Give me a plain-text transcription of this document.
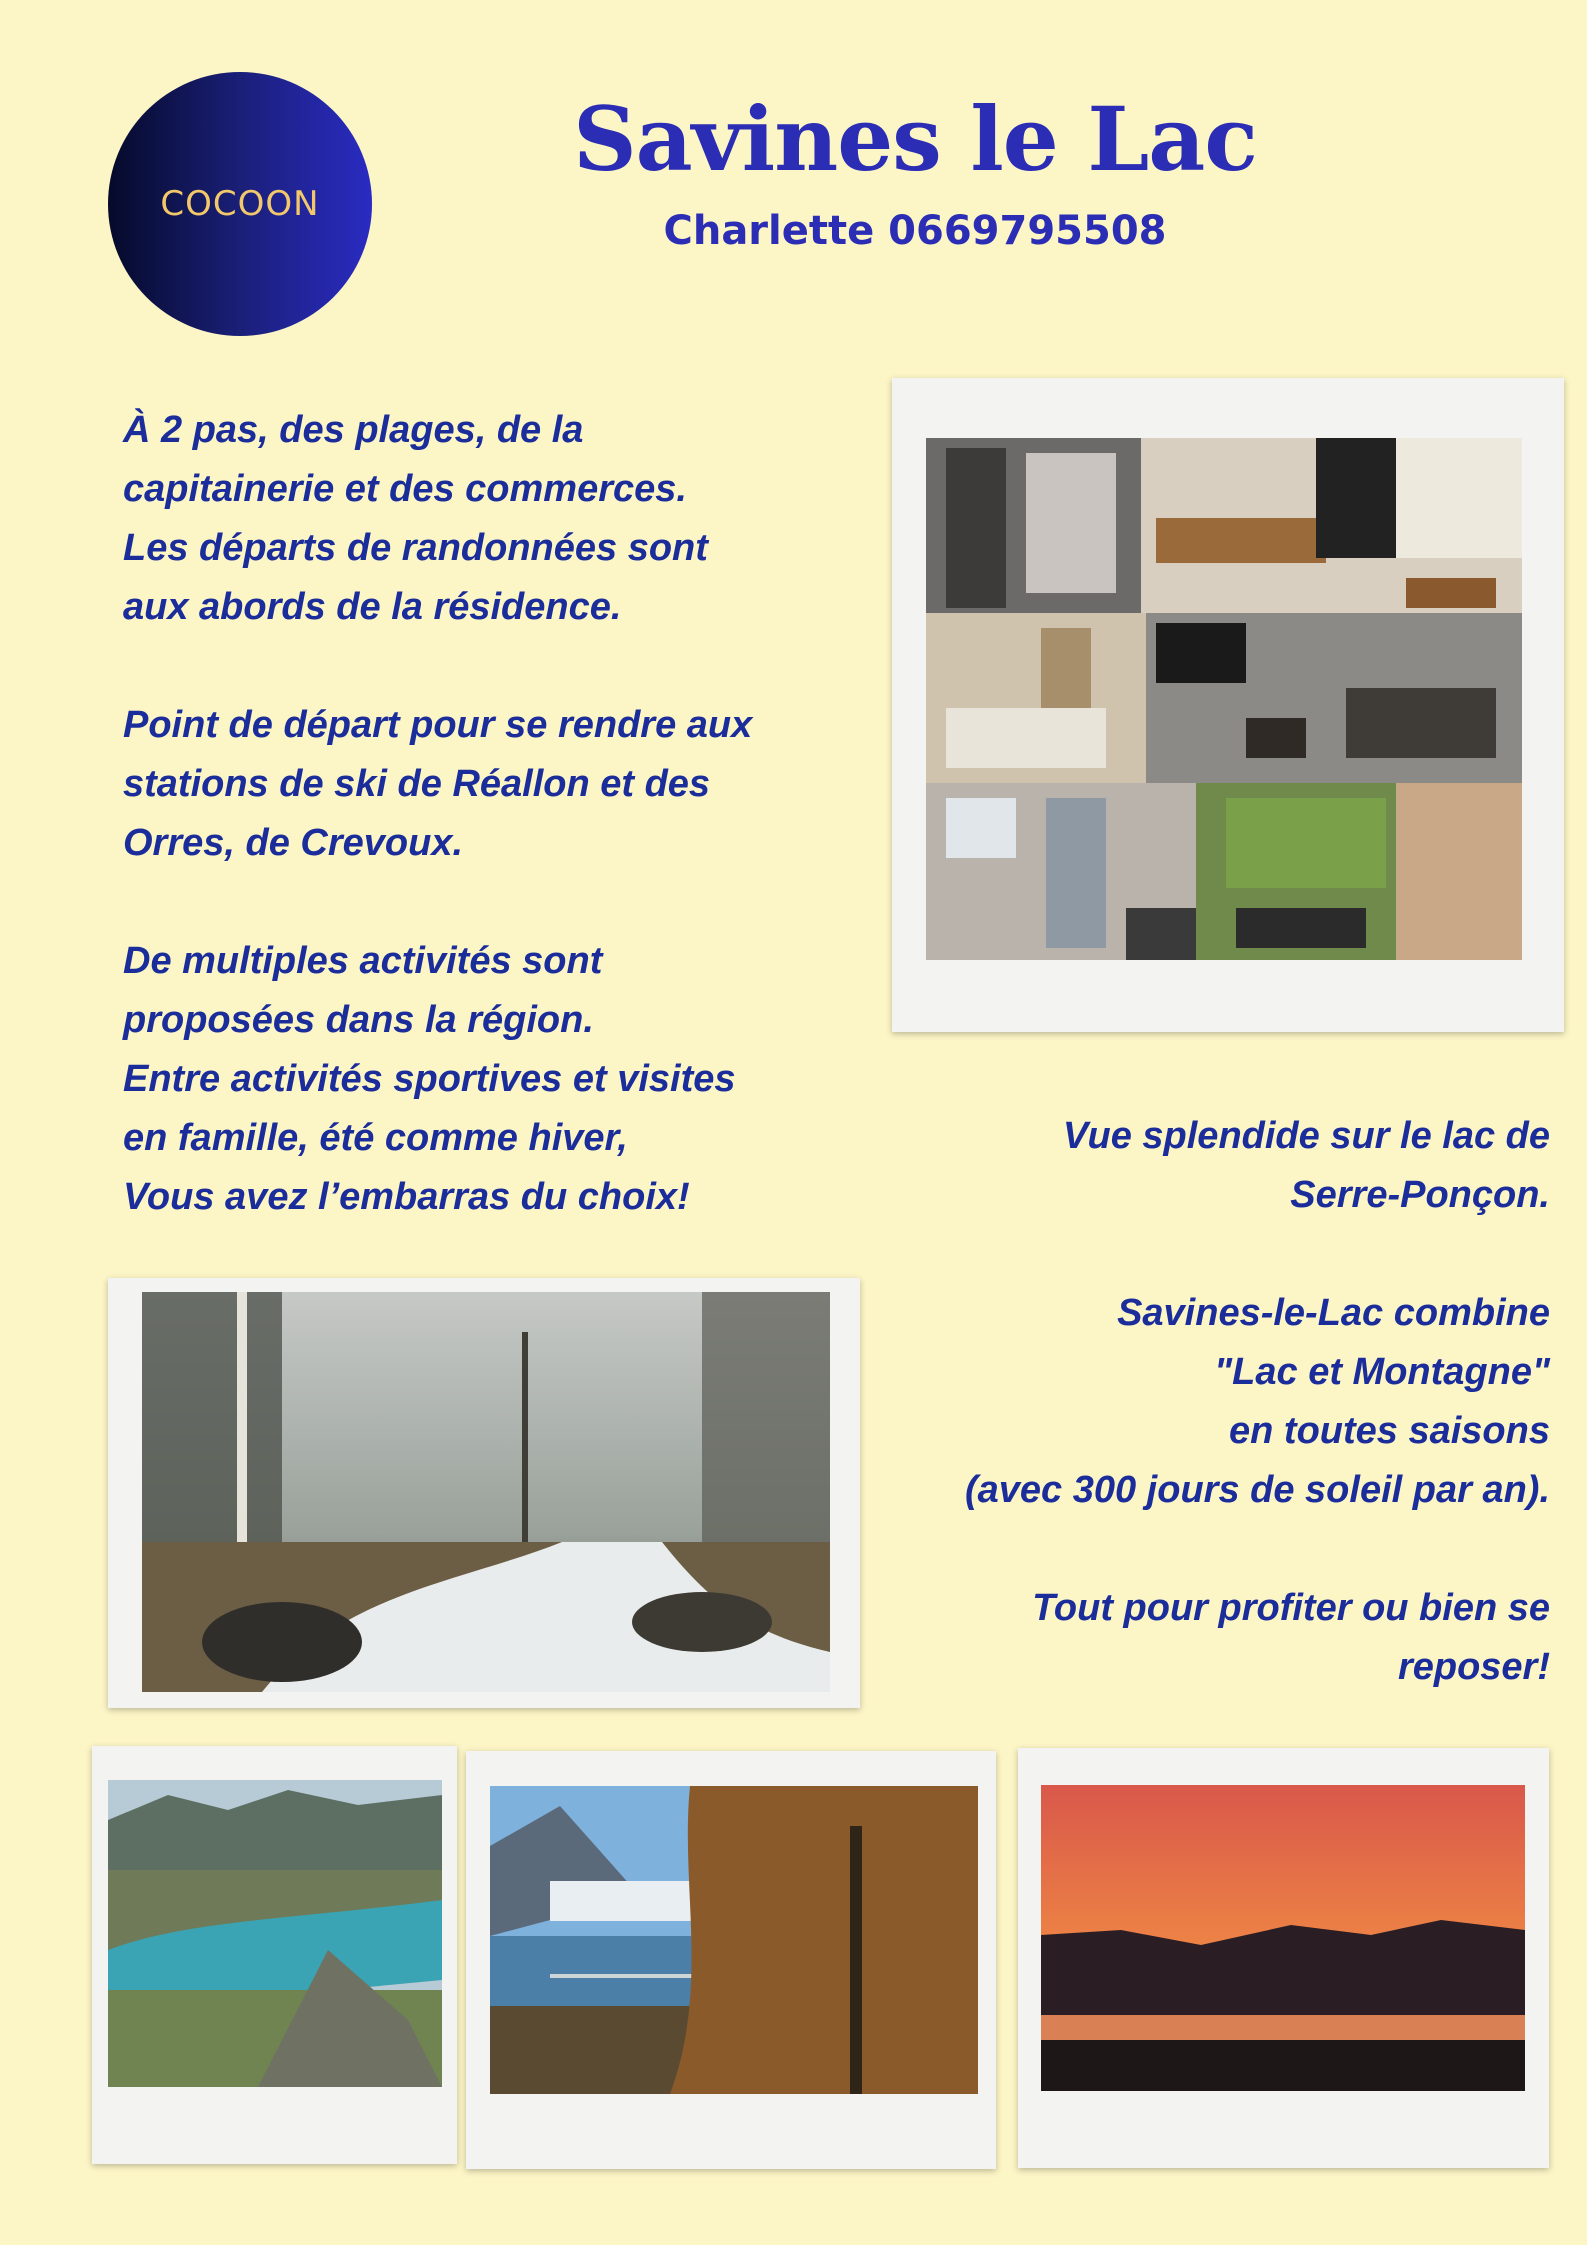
COCOON
Savines le Lac
Charlette 0669795508
À 2 pas, des plages, de la
capitainerie et des commerces.
Les départs de randonnées sont
aux abords de la résidence.

Point de départ pour se rendre aux
stations de ski de Réallon et des
Orres, de Crevoux.

De multiples activités sont
proposées dans la région.
Entre activités sportives et visites
en famille, été comme hiver,
Vous avez l’embarras du choix!
Vue splendide sur le lac de
Serre-Ponçon.

Savines-le-Lac combine
"Lac et Montagne"
en toutes saisons
(avec 300 jours de soleil par an).

Tout pour profiter ou bien se
reposer!
